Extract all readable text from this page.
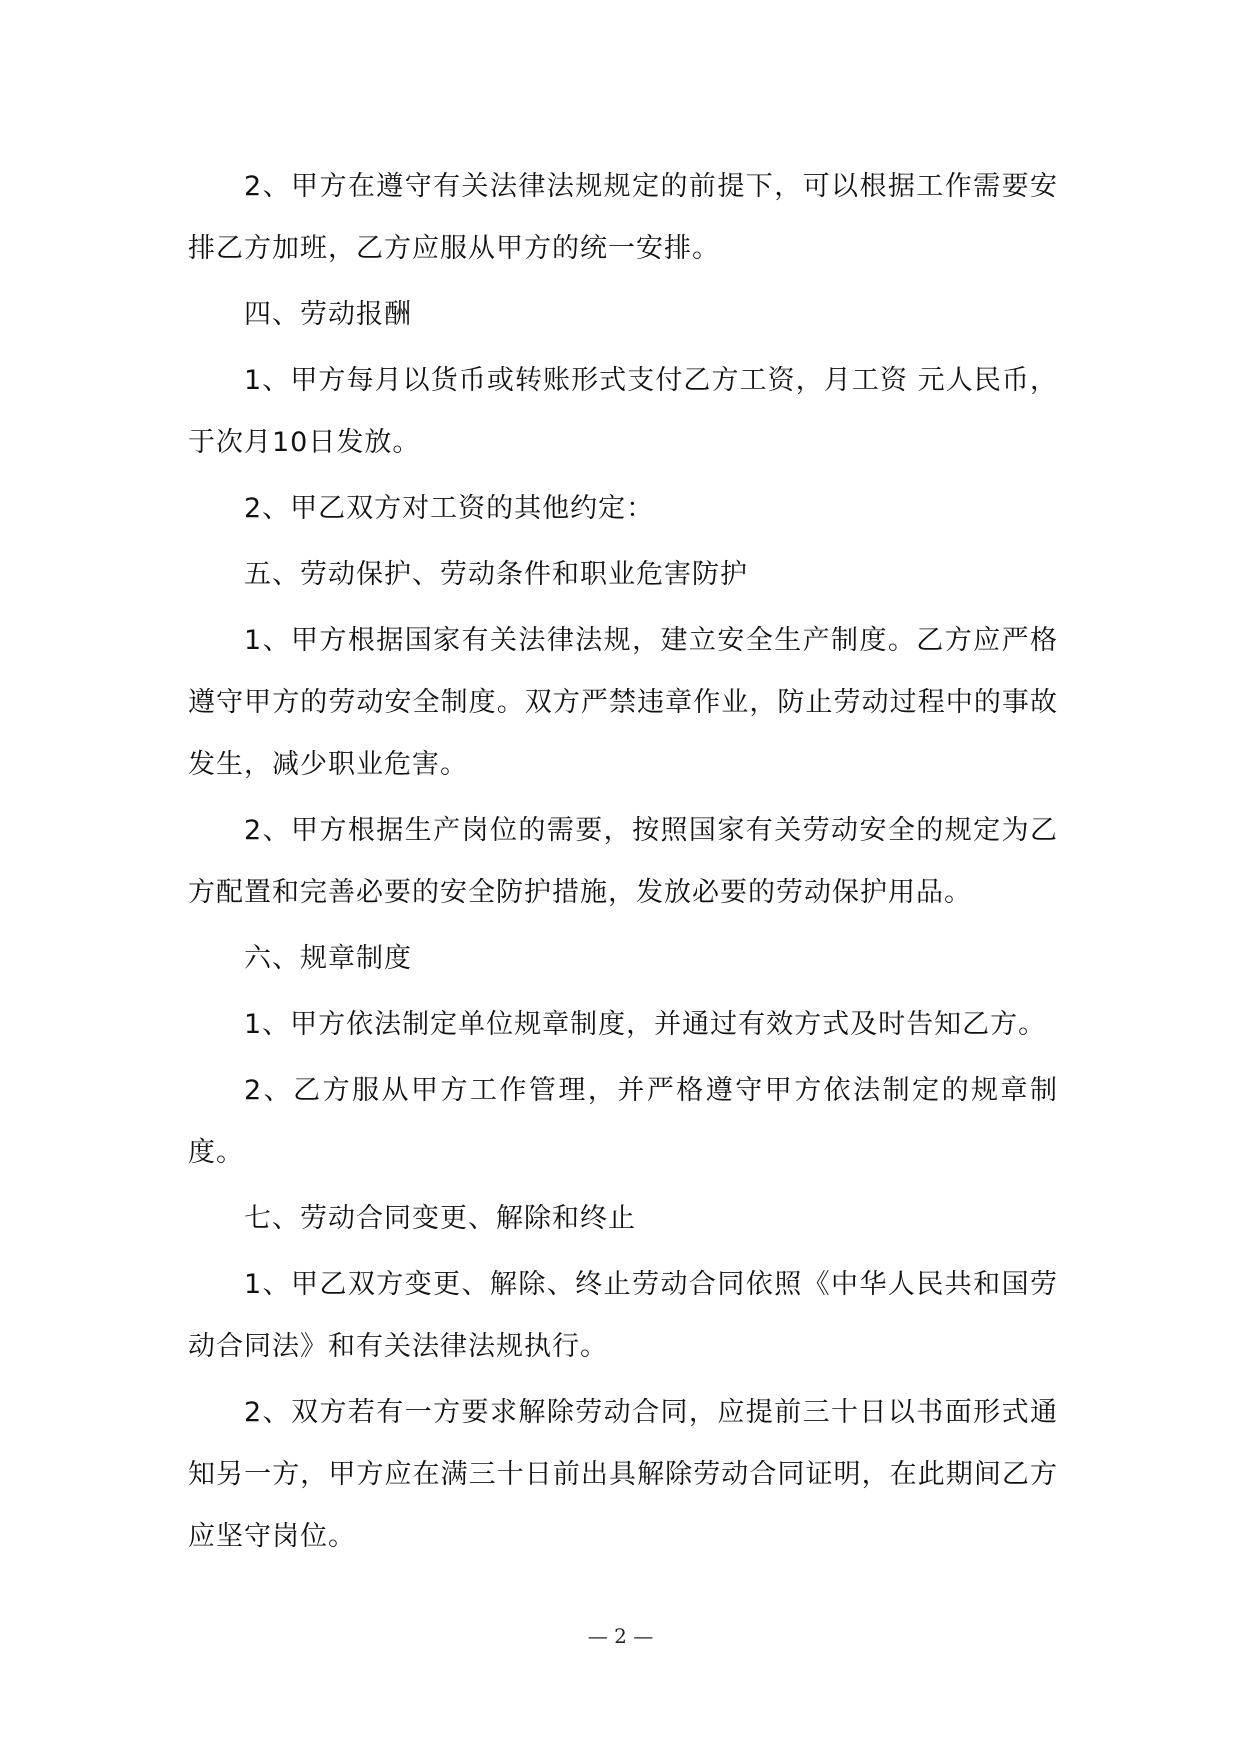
2、甲方在遵守有关法律法规规定的前提下，可以根据工作需要安排乙方加班，乙方应服从甲方的统一安排。

四、劳动报酬

1、甲方每月以货币或转账形式支付乙方工资，月工资 元人民币，于次月10日发放。

2、甲乙双方对工资的其他约定：

五、劳动保护、劳动条件和职业危害防护

1、甲方根据国家有关法律法规，建立安全生产制度。乙方应严格遵守甲方的劳动安全制度。双方严禁违章作业，防止劳动过程中的事故发生，减少职业危害。

2、甲方根据生产岗位的需要，按照国家有关劳动安全的规定为乙方配置和完善必要的安全防护措施，发放必要的劳动保护用品。

六、规章制度

1、甲方依法制定单位规章制度，并通过有效方式及时告知乙方。

2、乙方服从甲方工作管理，并严格遵守甲方依法制定的规章制度。

七、劳动合同变更、解除和终止

1、甲乙双方变更、解除、终止劳动合同依照《中华人民共和国劳动合同法》和有关法律法规执行。

2、双方若有一方要求解除劳动合同，应提前三十日以书面形式通知另一方，甲方应在满三十日前出具解除劳动合同证明，在此期间乙方应坚守岗位。

— 2 —
